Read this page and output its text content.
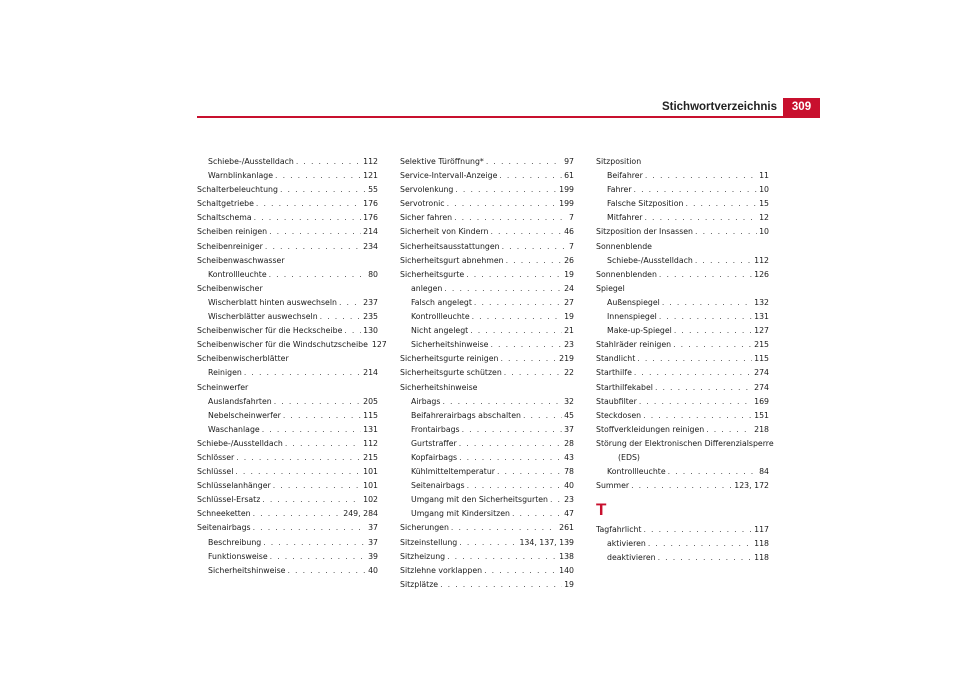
Stichwortverzeichnis	309
Schiebe-/Ausstelldach . . .	112
Warnblinkanlage . . .	121
Schalterbeleuchtung . . .	55
Schaltgetriebe . . .	176
Schaltschema . . .	176
Scheiben reinigen . . .	214
Scheibenreiniger . . .	234
Scheibenwaschwasser
Kontrollleuchte . . .	80
Scheibenwischer
Wischerblatt hinten auswechseln . . .	237
Wischerblätter auswechseln . . .	235
Scheibenwischer für die Heckscheibe . . .	130
Scheibenwischer für die Windschutzscheibe 127
Scheibenwischerblätter
Reinigen . . .	214
Scheinwerfer
Auslandsfahrten . . .	205
Nebelscheinwerfer . . .	115
Waschanlage . . .	131
Schiebe-/Ausstelldach . . .	112
Schlösser . . .	215
Schlüssel . . .	101
Schlüsselanhänger . . .	101
Schlüssel-Ersatz . . .	102
Schneeketten . . .	249, 284
Seitenairbags . . .	37
Beschreibung . . .	37
Funktionsweise . . .	39
Sicherheitshinweise . . .	40
Selektive Türöffnung* . . .	97
Service-Intervall-Anzeige . . .	61
Servolenkung . . .	199
Servotronic . . .	199
Sicher fahren . . .	7
Sicherheit von Kindern . . .	46
Sicherheitsausstattungen . . .	7
Sicherheitsgurt abnehmen . . .	26
Sicherheitsgurte . . .	19
anlegen . . .	24
Falsch angelegt . . .	27
Kontrollleuchte . . .	19
Nicht angelegt . . .	21
Sicherheitshinweise . . .	23
Sicherheitsgurte reinigen . . .	219
Sicherheitsgurte schützen . . .	22
Sicherheitshinweise
Airbags . . .	32
Beifahrerairbags abschalten . . .	45
Frontairbags . . .	37
Gurtstraffer . . .	28
Kopfairbags . . .	43
Kühlmitteltemperatur . . .	78
Seitenairbags . . .	40
Umgang mit den Sicherheitsgurten . . . 23
Umgang mit Kindersitzen . . .	47
Sicherungen . . .	261
Sitzeinstellung . . .	134, 137, 139
Sitzheizung . . .	138
Sitzlehne vorklappen . . .	140
Sitzplätze . . .	19
Sitzposition
Beifahrer . . .	11
Fahrer . . .	10
Falsche Sitzposition . . .	15
Mitfahrer . . .	12
Sitzposition der Insassen . . .	10
Sonnenblende
Schiebe-/Ausstelldach . . .	112
Sonnenblenden . . .	126
Spiegel
Außenspiegel . . .	132
Innenspiegel . . .	131
Make-up-Spiegel . . .	127
Stahlräder reinigen . . .	215
Standlicht . . .	115
Starthilfe . . .	274
Starthilfekabel . . .	274
Staubfilter . . .	169
Steckdosen . . .	151
Stoffverkleidungen reinigen . . .	218
Störung der Elektronischen Differenzialsperre
(EDS)
Kontrollleuchte . . .	84
Summer . . .	123, 172
T
Tagfahrlicht . . .	117
aktivieren . . .	118
deaktivieren . . .	118
